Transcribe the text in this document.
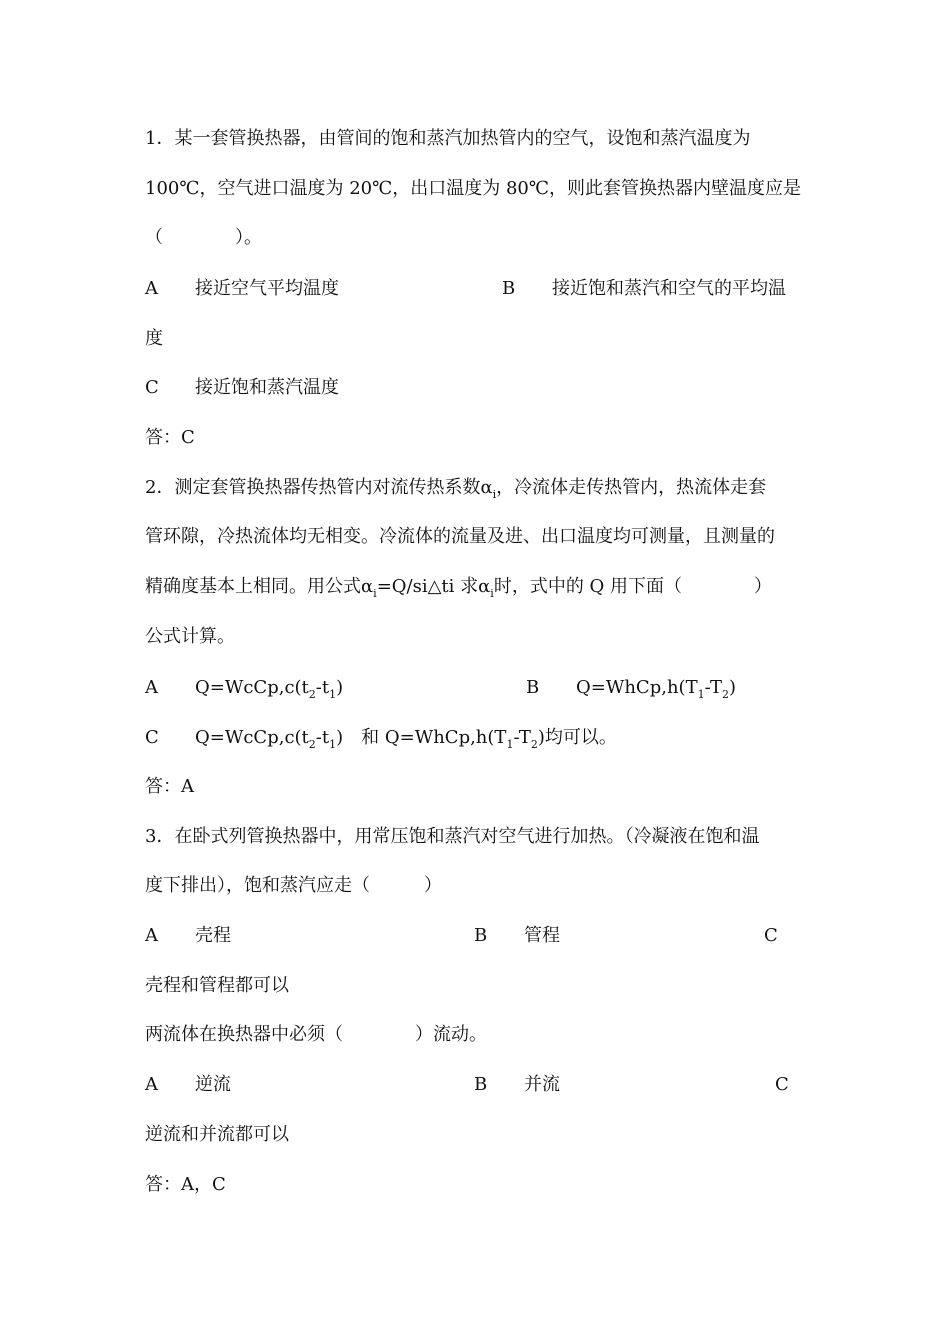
1．某一套管换热器，由管间的饱和蒸汽加热管内的空气，设饱和蒸汽温度为
100℃，空气进口温度为 20℃，出口温度为 80℃，则此套管换热器内壁温度应是
（　　　　）。
A 接近空气平均温度	B 接近饱和蒸汽和空气的平均温
度
C 接近饱和蒸汽温度
答：C
2．测定套管换热器传热管内对流传热系数$\alpha_i$，冷流体走传热管内，热流体走套
管环隙，冷热流体均无相变。冷流体的流量及进、出口温度均可测量，且测量的
精确度基本上相同。用公式$\alpha_i=Q/si\triangle ti$ 求$\alpha_i$时，式中的 Q 用下面（　　　　）
公式计算。
A $Q=WcCp,c(t_2-t_1)$	B $Q=WhCp,h(T_1-T_2)$
C $Q=WcCp,c(t_2-t_1)$　和 $Q=WhCp,h(T_1-T_2)$均可以。
答：A
3．在卧式列管换热器中，用常压饱和蒸汽对空气进行加热。（冷凝液在饱和温
度下排出），饱和蒸汽应走（　　　）
A 壳程	B 管程	C
壳程和管程都可以
两流体在换热器中必须（　　　　）流动。
A 逆流	B 并流	C
逆流和并流都可以
答：A，C
